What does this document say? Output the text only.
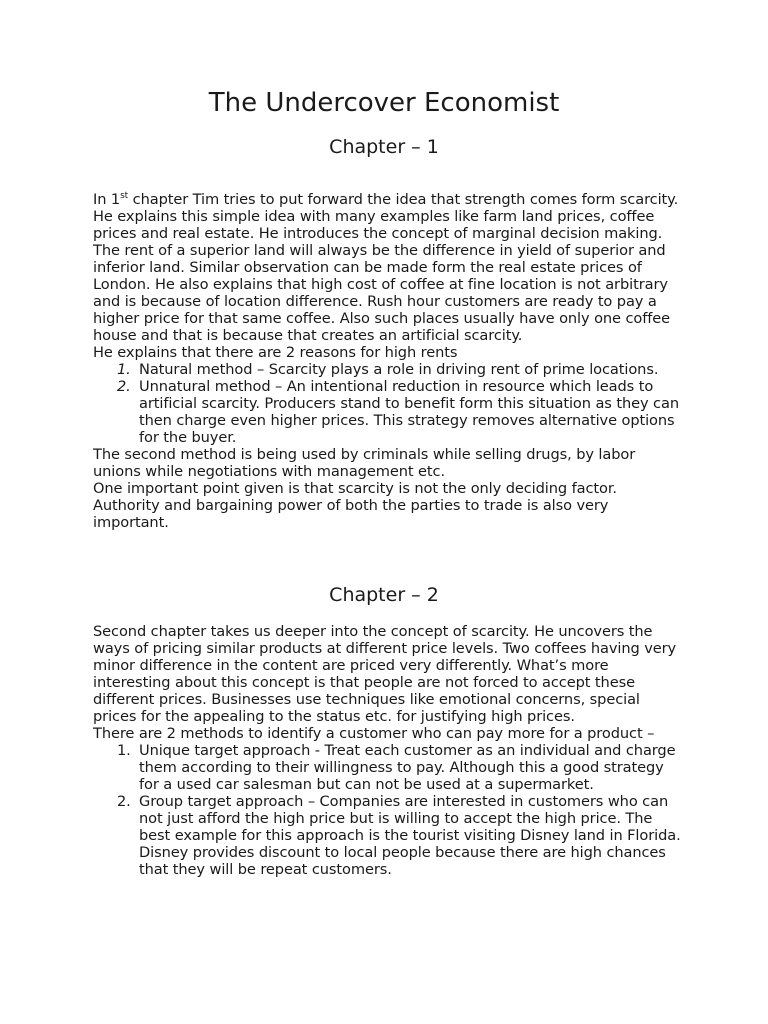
The Undercover Economist
Chapter – 1

In 1st chapter Tim tries to put forward the idea that strength comes form scarcity. He explains this simple idea with many examples like farm land prices, coffee prices and real estate. He introduces the concept of marginal decision making. The rent of a superior land will always be the difference in yield of superior and inferior land. Similar observation can be made form the real estate prices of London. He also explains that high cost of coffee at fine location is not arbitrary and is because of location difference. Rush hour customers are ready to pay a higher price for that same coffee. Also such places usually have only one coffee house and that is because that creates an artificial scarcity.

He explains that there are 2 reasons for high rents

1. Natural method – Scarcity plays a role in driving rent of prime locations.
2. Unnatural method – An intentional reduction in resource which leads to artificial scarcity. Producers stand to benefit form this situation as they can then charge even higher prices. This strategy removes alternative options for the buyer.

The second method is being used by criminals while selling drugs, by labor unions while negotiations with management etc.

One important point given is that scarcity is not the only deciding factor. Authority and bargaining power of both the parties to trade is also very important.

Chapter – 2

Second chapter takes us deeper into the concept of scarcity. He uncovers the ways of pricing similar products at different price levels. Two coffees having very minor difference in the content are priced very differently. What’s more interesting about this concept is that people are not forced to accept these different prices. Businesses use techniques like emotional concerns, special prices for the appealing to the status etc. for justifying high prices.

There are 2 methods to identify a customer who can pay more for a product –

1. Unique target approach - Treat each customer as an individual and charge them according to their willingness to pay. Although this a good strategy for a used car salesman but can not be used at a supermarket.
2. Group target approach – Companies are interested in customers who can not just afford the high price but is willing to accept the high price. The best example for this approach is the tourist visiting Disney land in Florida. Disney provides discount to local people because there are high chances that they will be repeat customers.
